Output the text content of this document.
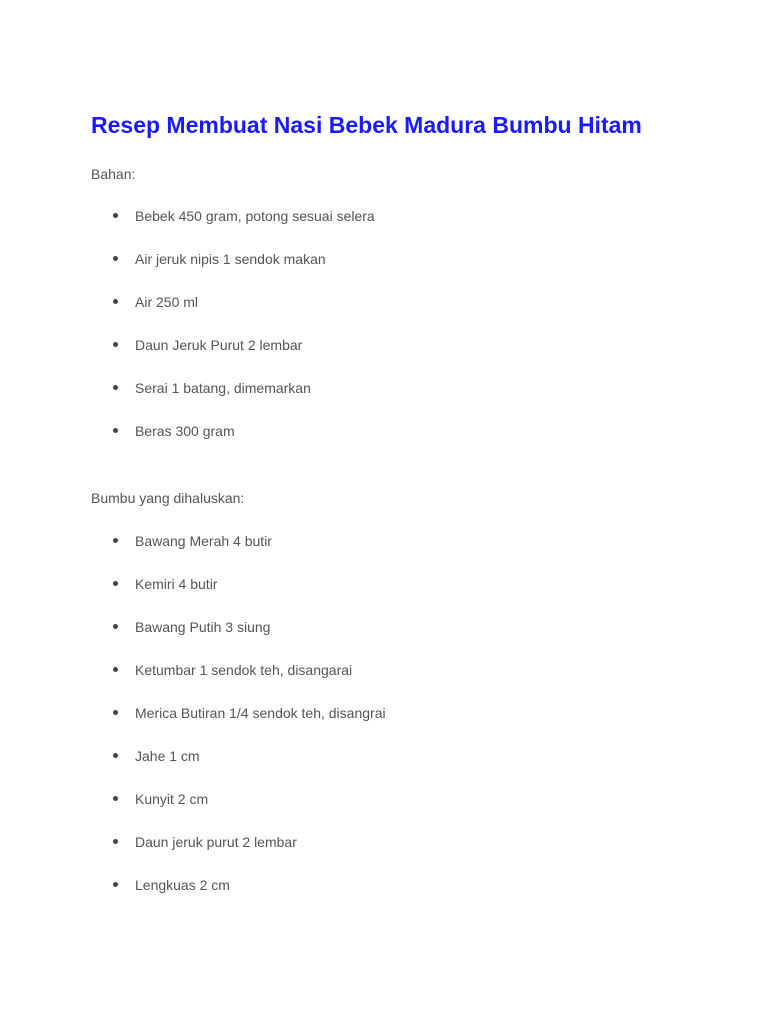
Resep Membuat Nasi Bebek Madura Bumbu Hitam

Bahan:

Bebek 450 gram, potong sesuai selera
Air jeruk nipis 1 sendok makan
Air 250 ml
Daun Jeruk Purut 2 lembar
Serai 1 batang, dimemarkan
Beras 300 gram

Bumbu yang dihaluskan:

Bawang Merah 4 butir
Kemiri 4 butir
Bawang Putih 3 siung
Ketumbar 1 sendok teh, disangarai
Merica Butiran 1/4 sendok teh, disangrai
Jahe 1 cm
Kunyit 2 cm
Daun jeruk purut 2 lembar
Lengkuas 2 cm
